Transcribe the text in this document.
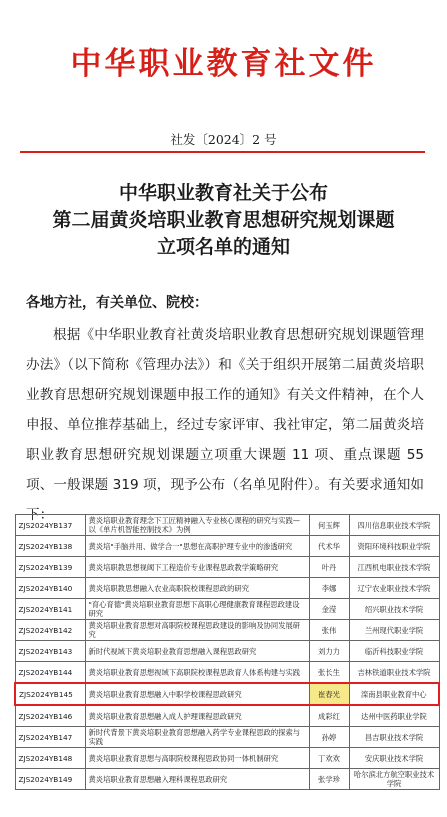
中华职业教育社文件
社发〔2024〕2 号
中华职业教育社关于公布
第二届黄炎培职业教育思想研究规划课题
立项名单的通知
各地方社，有关单位、院校：
根据《中华职业教育社黄炎培职业教育思想研究规划课题管理办法》（以下简称《管理办法》）和《关于组织开展第二届黄炎培职业教育思想研究规划课题申报工作的通知》有关文件精神，在个人申报、单位推荐基础上，经过专家评审、我社审定，第二届黄炎培职业教育思想研究规划课题立项重大课题 11 项、重点课题 55 项、一般课题 319 项，现予公布（名单见附件）。有关要求通知如下：
ZJS2024YB137	黄炎培职业教育理念下工匠精神融入专业核心课程的研究与实践—以《单片机智能控制技术》为例	何玉辉	四川信息职业技术学院
ZJS2024YB138	黄炎培"手脑并用、做学合一"思想在高职护理专业中的渗透研究	代术华	资阳环境科技职业学院
ZJS2024YB139	黄炎培职教思想视阈下工程造价专业课程思政教学策略研究	叶丹	江西机电职业技术学院
ZJS2024YB140	黄炎培职教思想融入农业高职院校课程思政的研究	李娜	辽宁农业职业技术学院
ZJS2024YB141	"育心育德"黄炎培职业教育思想下高职心理健康教育课程思政建设研究	金滢	绍兴职业技术学院
ZJS2024YB142	黄炎培职业教育思想对高职院校课程思政建设的影响及协同发展研究	张伟	兰州现代职业学院
ZJS2024YB143	新时代视域下黄炎培职业教育思想融入课程思政研究	刘力力	临沂科技职业学院
ZJS2024YB144	黄炎培职业教育思想视域下高职院校课程思政育人体系构建与实践	张长生	吉林铁道职业技术学院
ZJS2024YB145	黄炎培职业教育思想融入中职学校课程思政研究	崔春光	滦南县职业教育中心
ZJS2024YB146	黄炎培职业教育思想融入成人护理课程思政研究	成彩红	达州中医药职业学院
ZJS2024YB147	新时代背景下黄炎培职业教育思想融入药学专业课程思政的探索与实践	孙婷	昌吉职业技术学院
ZJS2024YB148	黄炎培职业教育思想与高职院校课程思政协同一体机制研究	丁欢欢	安庆职业技术学院
ZJS2024YB149	黄炎培职业教育思想融入理科课程思政研究	张学珍	哈尔滨北方航空职业技术学院
